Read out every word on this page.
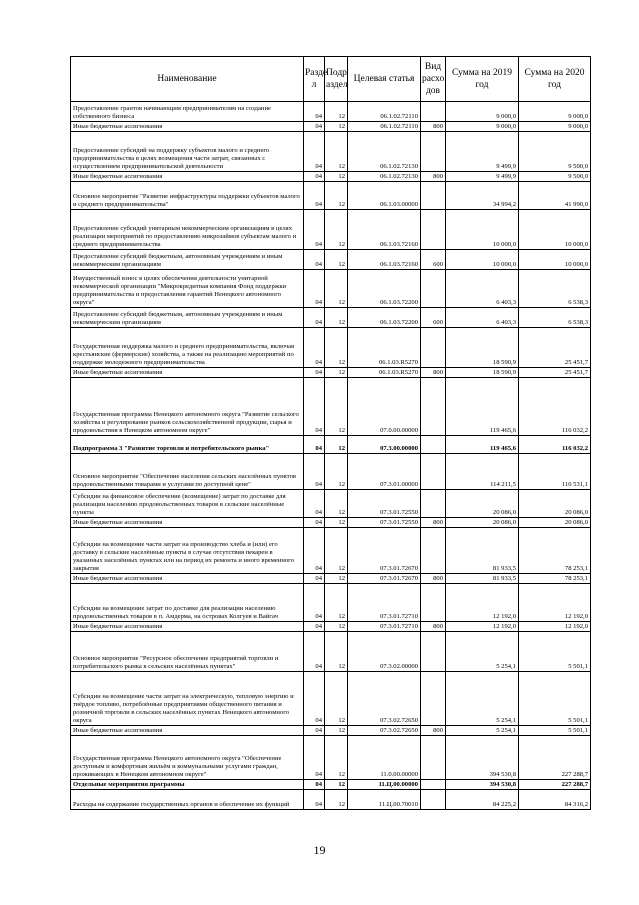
Наименование	Разде л	Подр аздел	Целевая статья	Вид расхо дов	Сумма на 2019 год	Сумма на 2020 год
Предоставление грантов начинающим предпринимателям на создание собственного бизнеса	04	12	06.1.02.72110		9 000,0	9 000,0
Иные бюджетные ассигнования	04	12	06.1.02.72110	800	9 000,0	9 000,0
Предоставление субсидий на поддержку субъектов малого и среднего предпринимательства в целях возмещения части затрат, связанных с осуществлением предпринимательской деятельности	04	12	06.1.02.72130		9 499,9	9 500,0
Иные бюджетные ассигнования	04	12	06.1.02.72130	800	9 499,9	9 500,0
Основное мероприятие "Развитие инфраструктуры поддержки субъектов малого и среднего предпринимательства"	04	12	06.1.03.00000		34 994,2	41 990,0
Предоставление субсидий унитарным некоммерческим организациям в целях реализации мероприятий по предоставлению микрозаймов субъектам малого и среднего предпринимательства	04	12	06.1.03.72160		10 000,0	10 000,0
Предоставление субсидий бюджетным, автономным учреждениям и иным некоммерческим организациям	04	12	06.1.03.72160	600	10 000,0	10 000,0
Имущественный взнос в целях обеспечения деятельности унитарной некоммерческой организации "Микрокредитная компания Фонд поддержки предпринимательства и предоставления гарантий Ненецкого автономного округа"	04	12	06.1.03.72200		6 403,3	6 538,3
Предоставление субсидий бюджетным, автономным учреждениям и иным некоммерческим организациям	04	12	06.1.03.72200	600	6 403,3	6 538,3
Государственная поддержка малого и среднего предпринимательства, включая крестьянские (фермерские) хозяйства, а также на реализацию мероприятий по поддержке молодежного предпринимательства	04	12	06.1.03.R5270		18 590,9	25 451,7
Иные бюджетные ассигнования	04	12	06.1.03.R5270	800	18 590,9	25 451,7
Государственная программа Ненецкого автономного округа "Развитие сельского хозяйства и регулирование рынков сельскохозяйственной продукции, сырья и продовольствия в Ненецком автономном округе"	04	12	07.0.00.00000		119 465,6	116 032,2
Подпрограмма 3 "Развитие торговли и потребительского рынка"	04	12	07.3.00.00000		119 465,6	116 032,2
Основное мероприятие "Обеспечение населения сельских населённых пунктов продовольственными товарами и услугами по доступной цене"	04	12	07.3.01.00000		114 211,5	110 531,1
Субсидии на финансовое обеспечение (возмещение) затрат по доставке для реализации населению продовольственных товаров в сельские населённые пункты	04	12	07.3.01.72550		20 086,0	20 086,0
Иные бюджетные ассигнования	04	12	07.3.01.72550	800	20 086,0	20 086,0
Субсидии на возмещение части затрат на производство хлеба и (или) его доставку в сельские населённые пункты в случае отсутствия пекарен в указанных населённых пунктах или на период их ремонта и иного временного закрытия	04	12	07.3.01.72670		81 933,5	78 253,1
Иные бюджетные ассигнования	04	12	07.3.01.72670	800	81 933,5	78 253,1
Субсидии на возмещение затрат по доставке для реализации населению продовольственных товаров в п. Амдерма, на островах Колгуев и Вайгач	04	12	07.3.01.72710		12 192,0	12 192,0
Иные бюджетные ассигнования	04	12	07.3.01.72710	800	12 192,0	12 192,0
Основное мероприятие "Ресурсное обеспечение предприятий торговли и потребительского рынка в сельских населённых пунктах"	04	12	07.3.02.00000		5 254,1	5 501,1
Субсидии на возмещение части затрат на электрическую, тепловую энергию и твёрдое топливо, потреблённые предприятиями общественного питания и розничной торговли в сельских населённых пунктах Ненецкого автономного округа	04	12	07.3.02.72650		5 254,1	5 501,1
Иные бюджетные ассигнования	04	12	07.3.02.72650	800	5 254,1	5 501,1
Государственная программа Ненецкого автономного округа "Обеспечение доступным и комфортным жильём и коммунальными услугами граждан, проживающих в Ненецком автономном округе"	04	12	11.0.00.00000		394 530,8	227 288,7
Отдельные мероприятия программы	04	12	11.Ц.00.00000		394 530,8	227 288,7
Расходы на содержание государственных органов и обеспечение их функций	04	12	11.Ц.00.70010		84 225,2	84 316,2
19
